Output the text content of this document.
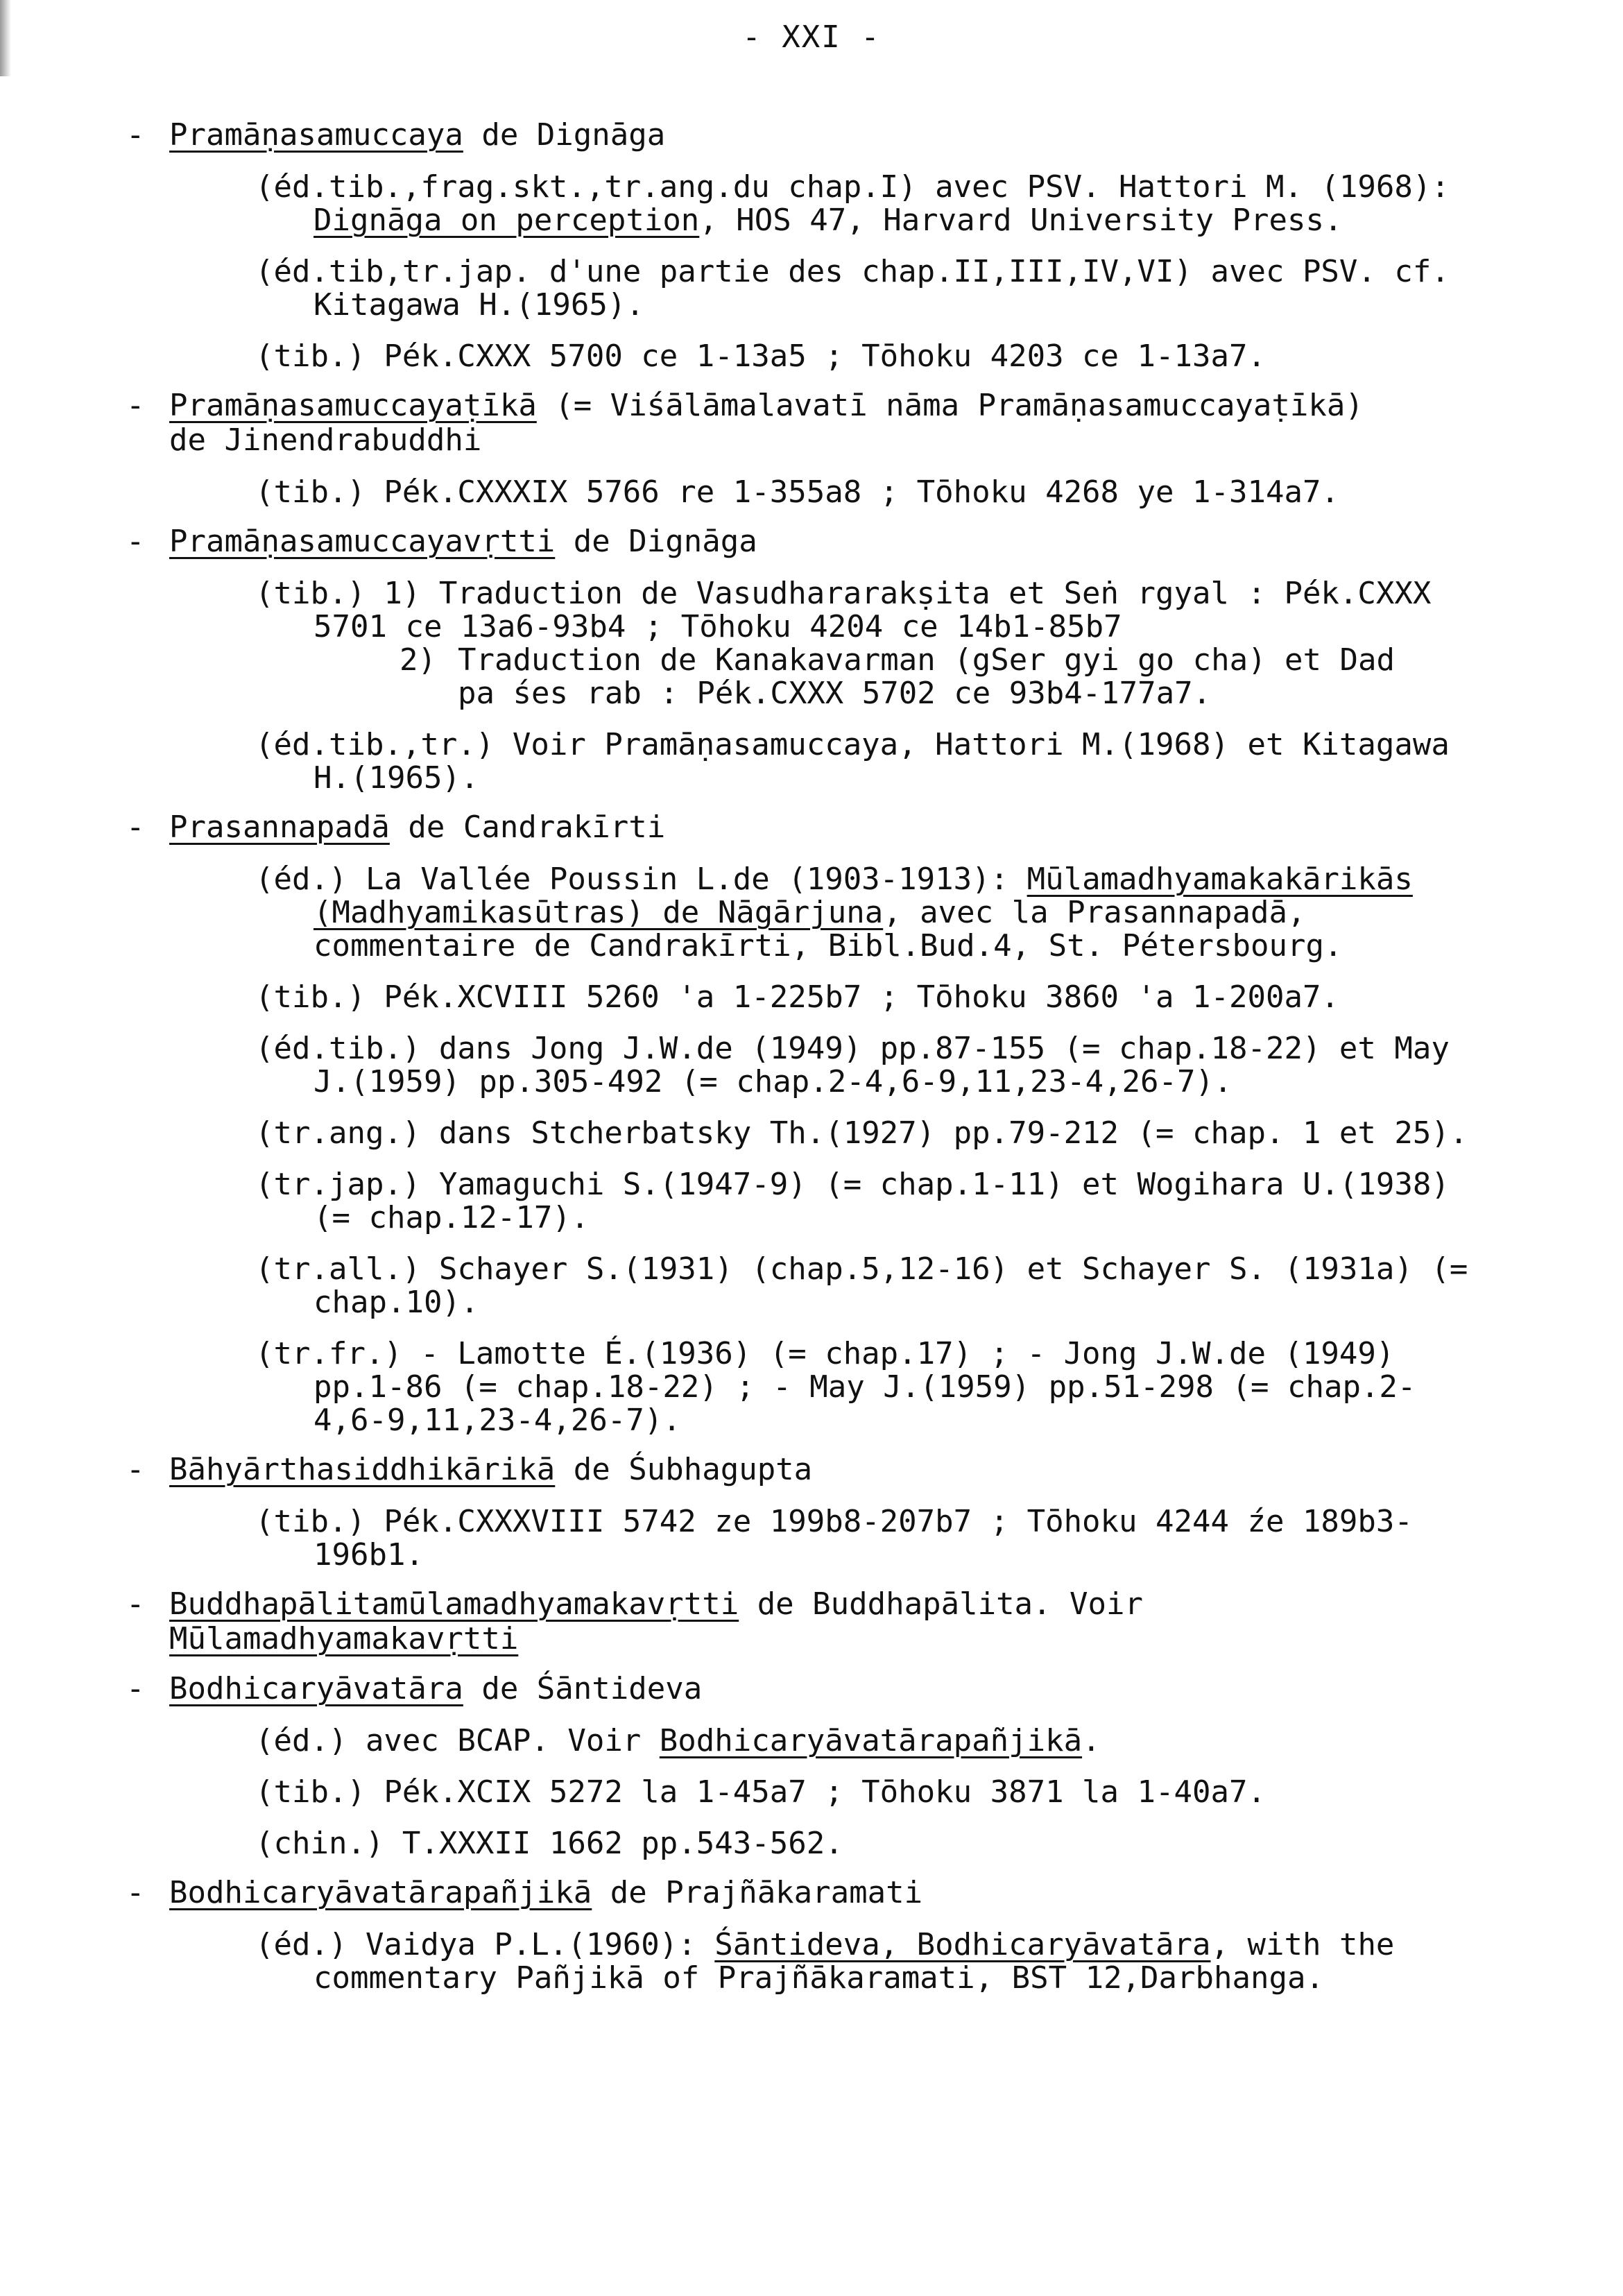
- XXI -
- Pramāṇasamuccaya de Dignāga
(éd.tib.,frag.skt.,tr.ang.du chap.I) avec PSV. Hattori M. (1968): Dignāga on perception, HOS 47, Harvard University Press.
(éd.tib,tr.jap. d'une partie des chap.II,III,IV,VI) avec PSV. cf. Kitagawa H.(1965).
(tib.) Pék.CXXX 5700 ce 1-13a5 ; Tōhoku 4203 ce 1-13a7.
- Pramāṇasamuccayaṭīkā (= Viśālāmalavatī nāma Pramāṇasamuccayaṭīkā) de Jinendrabuddhi
(tib.) Pék.CXXXIX 5766 re 1-355a8 ; Tōhoku 4268 ye 1-314a7.
- Pramāṇasamuccayavṛtti de Dignāga
(tib.) 1) Traduction de Vasudhararakṣita et Seṅ rgyal : Pék.CXXX 5701 ce 13a6-93b4 ; Tōhoku 4204 ce 14b1-85b7
2) Traduction de Kanakavarman (gSer gyi go cha) et Dad pa śes rab : Pék.CXXX 5702 ce 93b4-177a7.
(éd.tib.,tr.) Voir Pramāṇasamuccaya, Hattori M.(1968) et Kitagawa H.(1965).
- Prasannapadā de Candrakīrti
(éd.) La Vallée Poussin L.de (1903-1913): Mūlamadhyamakakārikās (Madhyamikasūtras) de Nāgārjuna, avec la Prasannapadā, commentaire de Candrakīrti, Bibl.Bud.4, St. Pétersbourg.
(tib.) Pék.XCVIII 5260 'a 1-225b7 ; Tōhoku 3860 'a 1-200a7.
(éd.tib.) dans Jong J.W.de (1949) pp.87-155 (= chap.18-22) et May J.(1959) pp.305-492 (= chap.2-4,6-9,11,23-4,26-7).
(tr.ang.) dans Stcherbatsky Th.(1927) pp.79-212 (= chap. 1 et 25).
(tr.jap.) Yamaguchi S.(1947-9) (= chap.1-11) et Wogihara U.(1938) (= chap.12-17).
(tr.all.) Schayer S.(1931) (chap.5,12-16) et Schayer S. (1931a) (= chap.10).
(tr.fr.) - Lamotte É.(1936) (= chap.17) ; - Jong J.W.de (1949) pp.1-86 (= chap.18-22) ; - May J.(1959) pp.51-298 (= chap.2-4,6-9,11,23-4,26-7).
- Bāhyārthasiddhikārikā de Śubhagupta
(tib.) Pék.CXXXVIII 5742 ze 199b8-207b7 ; Tōhoku 4244 źe 189b3-196b1.
- Buddhapālitamūlamadhyamakavṛtti de Buddhapālita. Voir Mūlamadhyamakavṛtti
- Bodhicaryāvatāra de Śāntideva
(éd.) avec BCAP. Voir Bodhicaryāvatārapañjikā.
(tib.) Pék.XCIX 5272 la 1-45a7 ; Tōhoku 3871 la 1-40a7.
(chin.) T.XXXII 1662 pp.543-562.
- Bodhicaryāvatārapañjikā de Prajñākaramati
(éd.) Vaidya P.L.(1960): Śāntideva, Bodhicaryāvatāra, with the commentary Pañjikā of Prajñākaramati, BST 12,Darbhanga.
